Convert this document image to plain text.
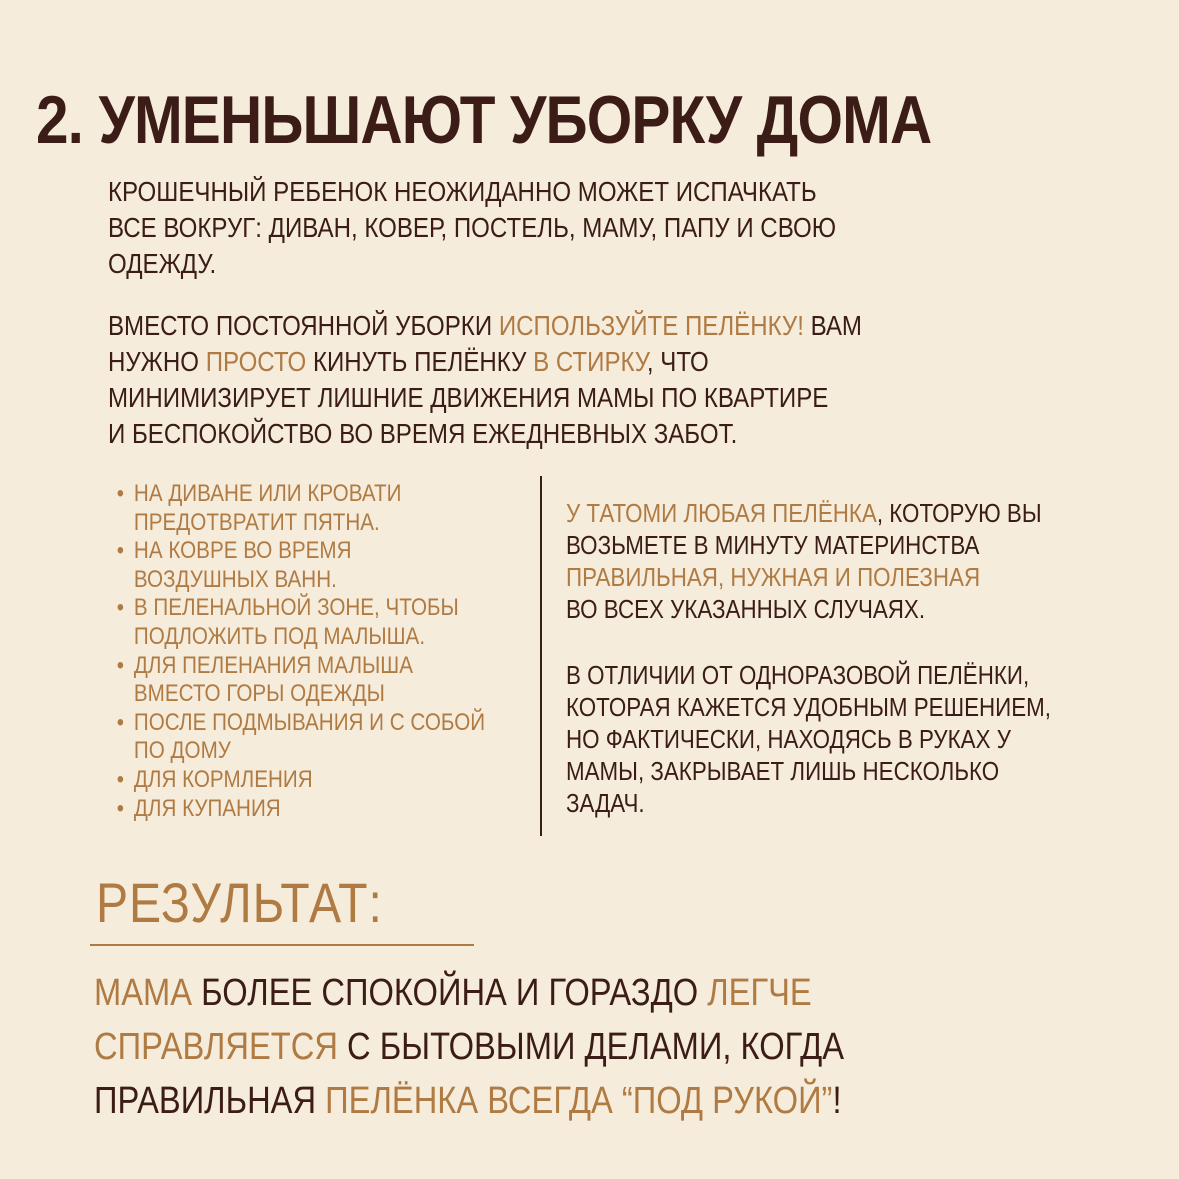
2. УМЕНЬШАЮТ УБОРКУ ДОМА

КРОШЕЧНЫЙ РЕБЕНОК НЕОЖИДАННО МОЖЕТ ИСПАЧКАТЬ
ВСЕ ВОКРУГ: ДИВАН, КОВЕР, ПОСТЕЛЬ, МАМУ, ПАПУ И СВОЮ
ОДЕЖДУ.

ВМЕСТО ПОСТОЯННОЙ УБОРКИ ИСПОЛЬЗУЙТЕ ПЕЛЁНКУ! ВАМ
НУЖНО ПРОСТО КИНУТЬ ПЕЛЁНКУ В СТИРКУ, ЧТО
МИНИМИЗИРУЕТ ЛИШНИЕ ДВИЖЕНИЯ МАМЫ ПО КВАРТИРЕ
И БЕСПОКОЙСТВО ВО ВРЕМЯ ЕЖЕДНЕВНЫХ ЗАБОТ.

• НА ДИВАНЕ ИЛИ КРОВАТИ
ПРЕДОТВРАТИТ ПЯТНА.
• НА КОВРЕ ВО ВРЕМЯ
ВОЗДУШНЫХ ВАНН.
• В ПЕЛЕНАЛЬНОЙ ЗОНЕ, ЧТОБЫ
ПОДЛОЖИТЬ ПОД МАЛЫША.
• ДЛЯ ПЕЛЕНАНИЯ МАЛЫША
ВМЕСТО ГОРЫ ОДЕЖДЫ
• ПОСЛЕ ПОДМЫВАНИЯ И С СОБОЙ
ПО ДОМУ
• ДЛЯ КОРМЛЕНИЯ
• ДЛЯ КУПАНИЯ

У ТАТОМИ ЛЮБАЯ ПЕЛЁНКА, КОТОРУЮ ВЫ
ВОЗЬМЕТЕ В МИНУТУ МАТЕРИНСТВА
ПРАВИЛЬНАЯ, НУЖНАЯ И ПОЛЕЗНАЯ
ВО ВСЕХ УКАЗАННЫХ СЛУЧАЯХ.

В ОТЛИЧИИ ОТ ОДНОРАЗОВОЙ ПЕЛЁНКИ,
КОТОРАЯ КАЖЕТСЯ УДОБНЫМ РЕШЕНИЕМ,
НО ФАКТИЧЕСКИ, НАХОДЯСЬ В РУКАХ У
МАМЫ, ЗАКРЫВАЕТ ЛИШЬ НЕСКОЛЬКО
ЗАДАЧ.

РЕЗУЛЬТАТ:

МАМА БОЛЕЕ СПОКОЙНА И ГОРАЗДО ЛЕГЧЕ
СПРАВЛЯЕТСЯ С БЫТОВЫМИ ДЕЛАМИ, КОГДА
ПРАВИЛЬНАЯ ПЕЛЁНКА ВСЕГДА “ПОД РУКОЙ”!
